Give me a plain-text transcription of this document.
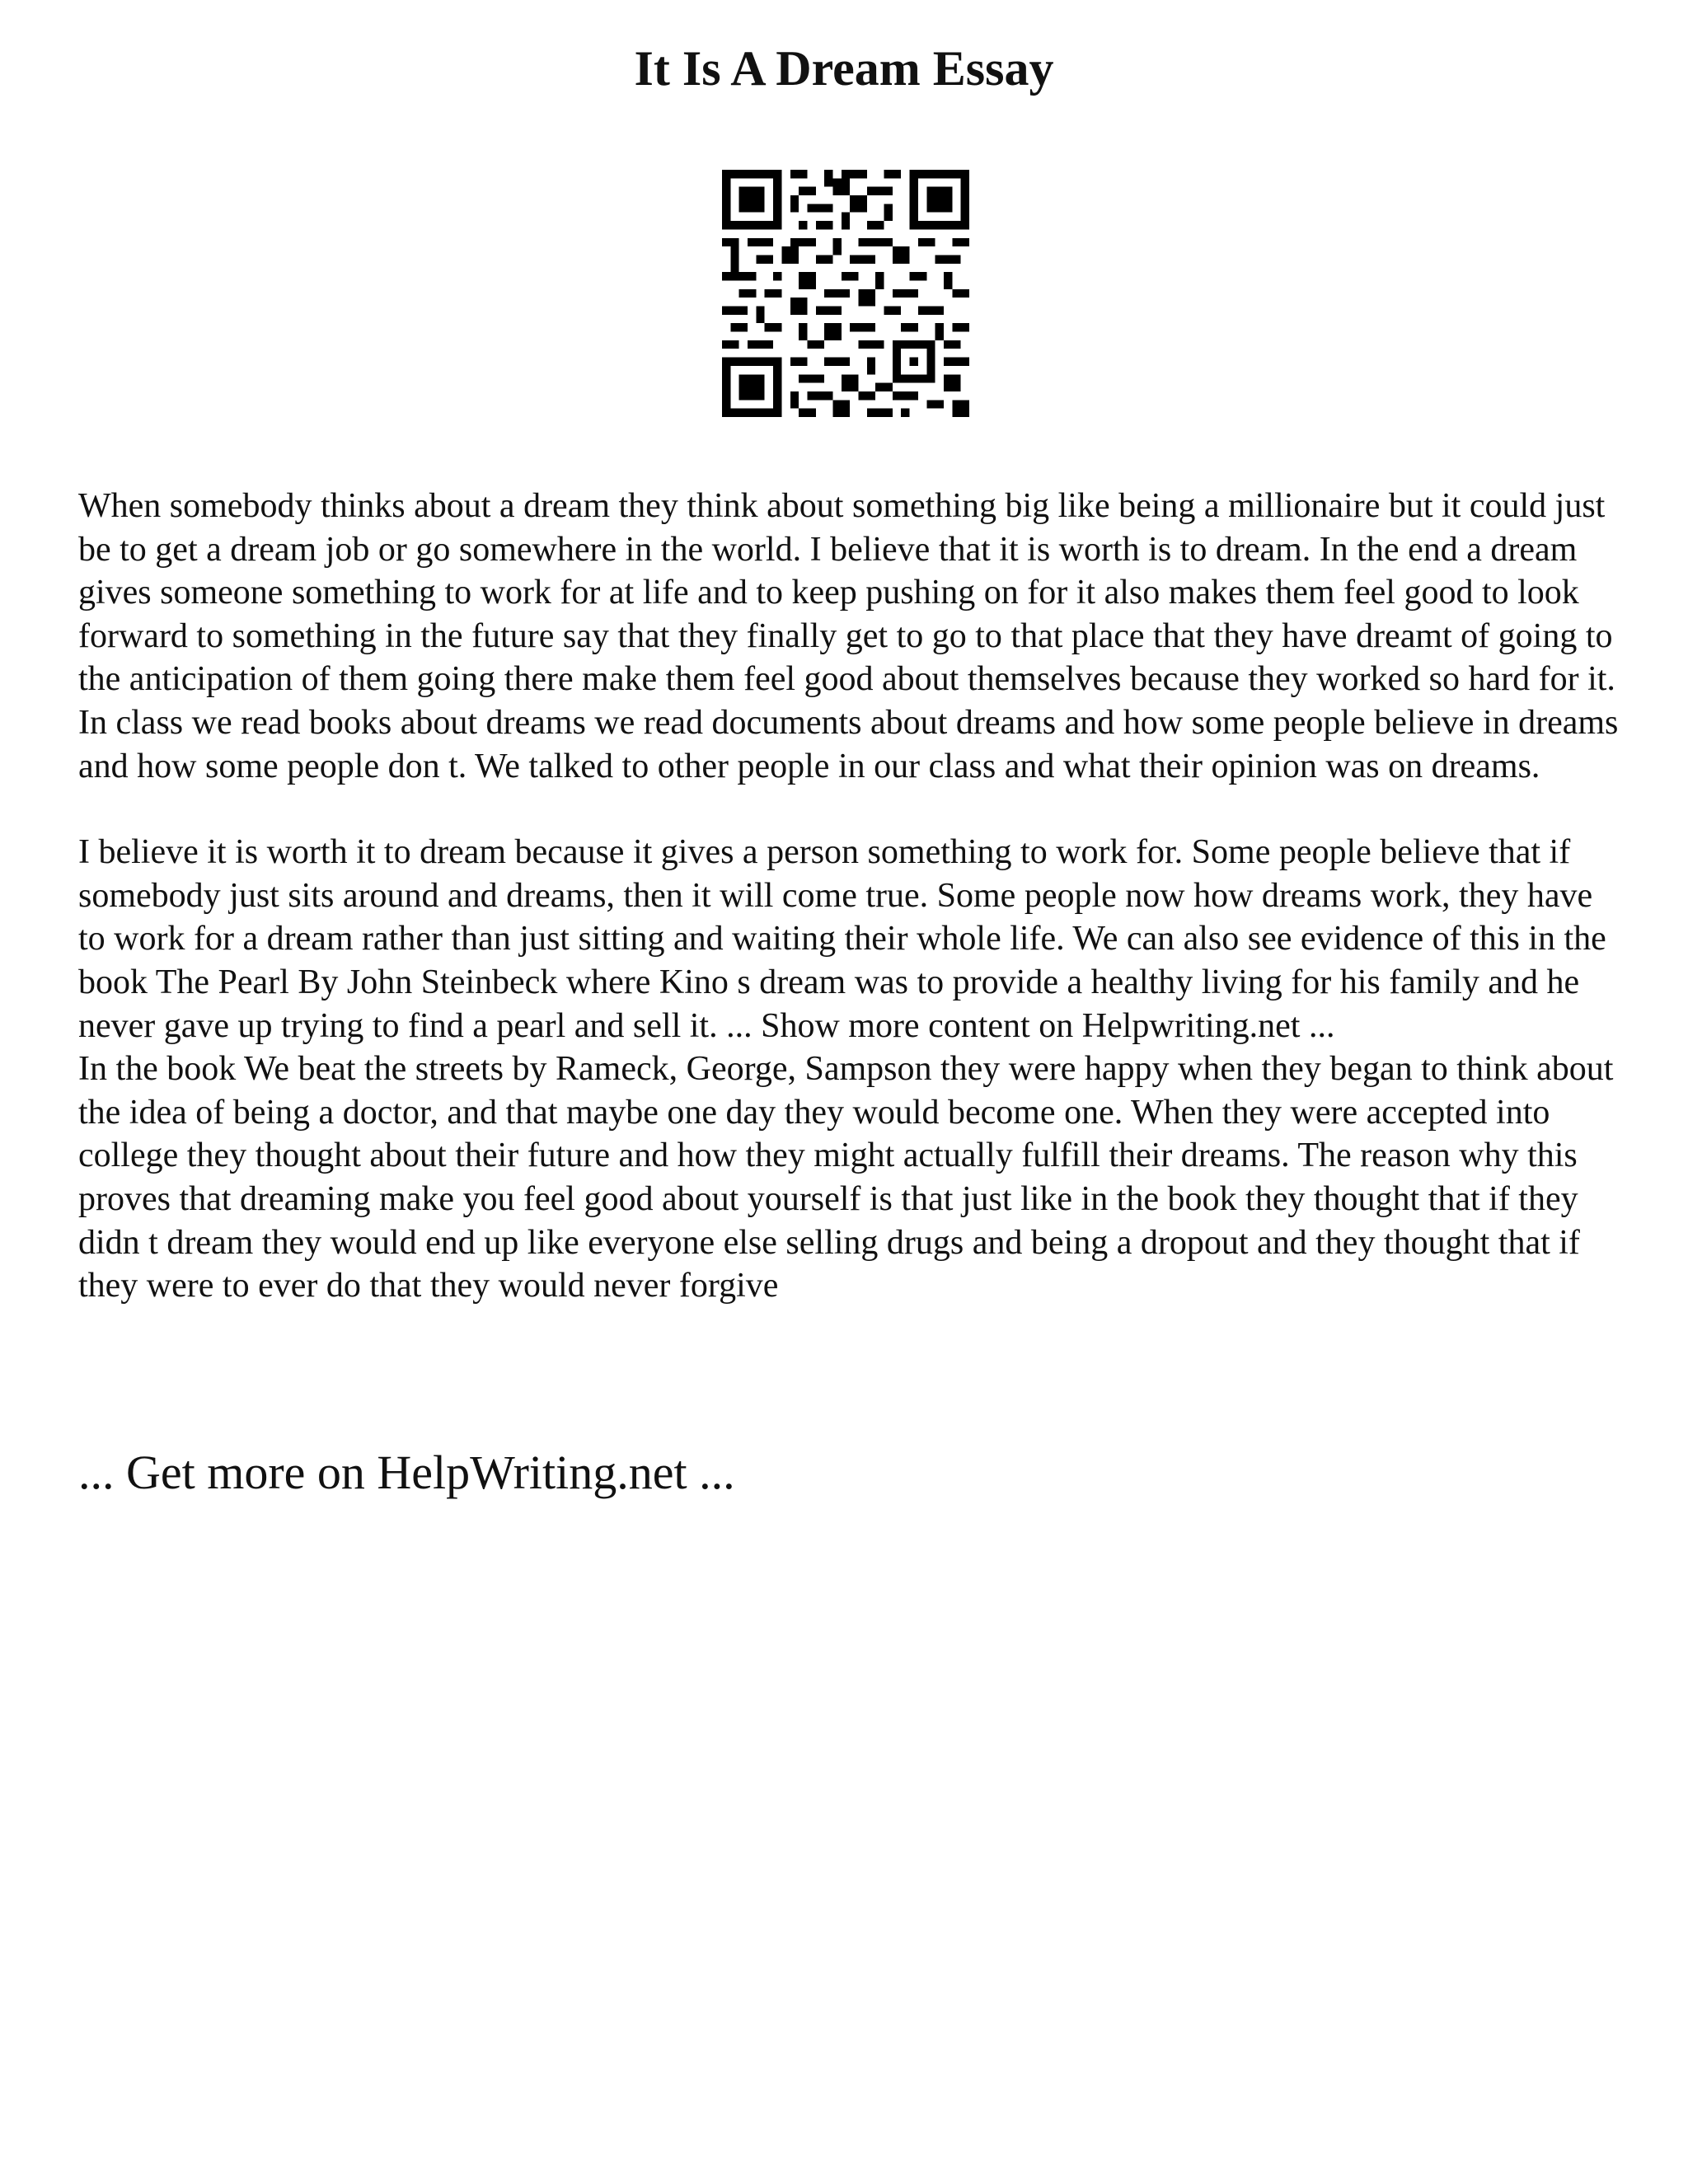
It Is A Dream Essay

When somebody thinks about a dream they think about something big like being a millionaire but it could just be to get a dream job or go somewhere in the world. I believe that it is worth is to dream. In the end a dream gives someone something to work for at life and to keep pushing on for it also makes them feel good to look forward to something in the future say that they finally get to go to that place that they have dreamt of going to the anticipation of them going there make them feel good about themselves because they worked so hard for it. In class we read books about dreams we read documents about dreams and how some people believe in dreams and how some people don t. We talked to other people in our class and what their opinion was on dreams.

I believe it is worth it to dream because it gives a person something to work for. Some people believe that if somebody just sits around and dreams, then it will come true. Some people now how dreams work, they have to work for a dream rather than just sitting and waiting their whole life. We can also see evidence of this in the book The Pearl By John Steinbeck where Kino s dream was to provide a healthy living for his family and he never gave up trying to find a pearl and sell it. ... Show more content on Helpwriting.net ...

In the book We beat the streets by Rameck, George, Sampson they were happy when they began to think about the idea of being a doctor, and that maybe one day they would become one. When they were accepted into college they thought about their future and how they might actually fulfill their dreams. The reason why this proves that dreaming make you feel good about yourself is that just like in the book they thought that if they didn t dream they would end up like everyone else selling drugs and being a dropout and they thought that if they were to ever do that they would never forgive

... Get more on HelpWriting.net ...
